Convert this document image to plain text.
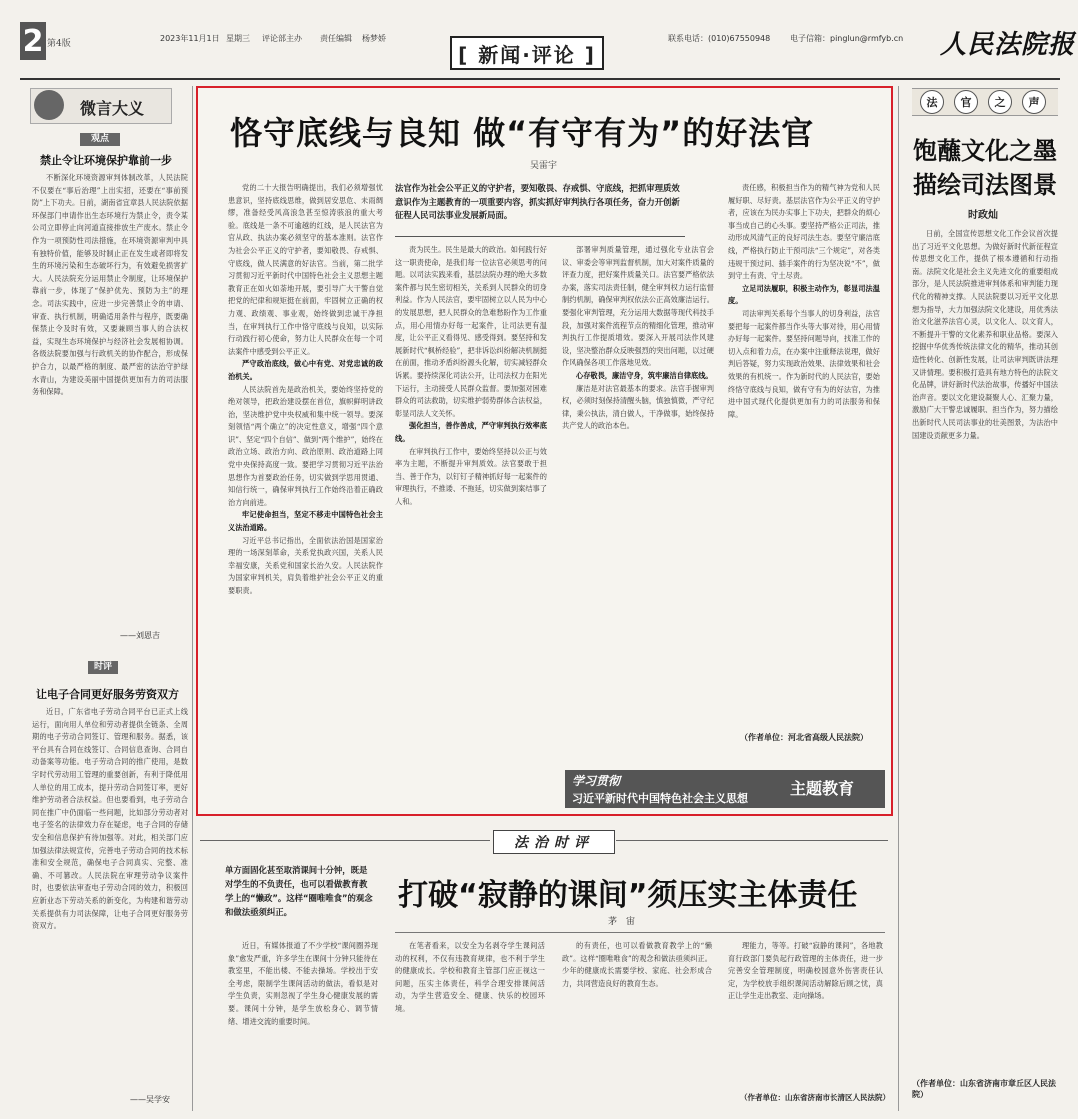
2 第4版
2023年11月1日 星期三 评论部主办 责任编辑 杨梦娇
[ 新闻·评论 ]
联系电话：(010)67550948 电子信箱：pinglun@rmfyb.cn 人民法院报
微言大义
观点
禁止令让环境保护靠前一步

不断深化环境资源审判体制改革，人民法院不仅要在“事后治理”上出实招，还要在“事前预防”上下功夫。日前，湖南省宜章县人民法院依据环保部门申请作出生态环境行为禁止令，责令某公司立即停止向河道直接排放生产废水。禁止令作为一项预防性司法措施，在环境资源审判中具有独特价值，能够及时制止正在发生或者即将发生的环境污染和生态破坏行为，有效避免损害扩大。人民法院充分运用禁止令制度，让环境保护靠前一步，体现了“保护优先、预防为主”的理念。司法实践中，应进一步完善禁止令的申请、审查、执行机制，明确适用条件与程序，既要确保禁止令及时有效，又要兼顾当事人的合法权益，实现生态环境保护与经济社会发展相协调。各级法院要加强与行政机关的协作配合，形成保护合力，以最严格的制度、最严密的法治守护绿水青山，为建设美丽中国提供更加有力的司法服务和保障。

——刘恩吉
时评
让电子合同更好服务劳资双方

近日，广东省电子劳动合同平台已正式上线运行，面向用人单位和劳动者提供全链条、全周期的电子劳动合同签订、管理和服务。据悉，该平台具有合同在线签订、合同信息查询、合同自动备案等功能。电子劳动合同的推广使用，是数字时代劳动用工管理的重要创新，有利于降低用人单位的用工成本，提升劳动合同签订率，更好维护劳动者合法权益。但也要看到，电子劳动合同在推广中仍面临一些问题，比如部分劳动者对电子签名的法律效力存在疑虑，电子合同的存储安全和信息保护有待加强等。对此，相关部门应加强法律法规宣传，完善电子劳动合同的技术标准和安全规范，确保电子合同真实、完整、准确、不可篡改。人民法院在审理劳动争议案件时，也要依法审查电子劳动合同的效力，积极回应新业态下劳动关系的新变化，为构建和谐劳动关系提供有力司法保障，让电子合同更好服务劳资双方。

——吴学安
恪守底线与良知 做“有守有为”的好法官
吴雷宇
法官作为社会公平正义的守护者，要知敬畏、存戒惧、守底线，把抓审理质效意识作为主题教育的一项重要内容，抓实抓好审判执行各项任务，奋力开创新征程人民司法事业发展新局面。

党的二十大报告明确提出，我们必须增强忧患意识，坚持底线思维，做到居安思危、未雨绸缪，准备经受风高浪急甚至惊涛骇浪的重大考验。底线是一条不可逾越的红线，是人民法官为官从政、执法办案必须坚守的基本准则。法官作为社会公平正义的守护者，要知敬畏、存戒惧、守底线，做人民满意的好法官。当前，第二批学习贯彻习近平新时代中国特色社会主义思想主题教育正在如火如荼地开展，要引导广大干警自觉把党的纪律和规矩挺在前面，牢固树立正确的权力观、政绩观、事业观，始终做到忠诚干净担当，在审判执行工作中恪守底线与良知，以实际行动践行初心使命，努力让人民群众在每一个司法案件中感受到公平正义。

严守政治底线，做心中有党、对党忠诚的政治机关。

人民法院首先是政治机关，要始终坚持党的绝对领导，把政治建设摆在首位，旗帜鲜明讲政治，坚决维护党中央权威和集中统一领导。要深刻领悟“两个确立”的决定性意义，增强“四个意识”、坚定“四个自信”、做到“两个维护”，始终在政治立场、政治方向、政治原则、政治道路上同党中央保持高度一致。要把学习贯彻习近平法治思想作为首要政治任务，切实做到学思用贯通、知信行统一，确保审判执行工作始终沿着正确政治方向前进。

牢记使命担当，坚定不移走中国特色社会主义法治道路。

习近平总书记指出，全面依法治国是国家治理的一场深刻革命，关系党执政兴国，关系人民幸福安康，关系党和国家长治久安。人民法院作为国家审判机关，肩负着维护社会公平正义的重要职责。

责为民生。民生是最大的政治。如何践行好这一职责使命，是我们每一位法官必须思考的问题。以司法实践来看，基层法院办理的绝大多数案件都与民生密切相关，关系到人民群众的切身利益。作为人民法官，要牢固树立以人民为中心的发展思想，把人民群众的急难愁盼作为工作重点，用心用情办好每一起案件，让司法更有温度，让公平正义看得见、感受得到。要坚持和发展新时代“枫桥经验”，把非诉讼纠纷解决机制挺在前面，推动矛盾纠纷源头化解，切实减轻群众诉累。要持续深化司法公开，让司法权力在阳光下运行，主动接受人民群众监督。要加强对困难群众的司法救助，切实维护弱势群体合法权益，彰显司法人文关怀。

强化担当，善作善成，严守审判执行效率底线。

在审判执行工作中，要始终坚持以公正与效率为主题，不断提升审判质效。法官要敢于担当、善于作为，以钉钉子精神抓好每一起案件的审理执行，不推诿、不拖延，切实做到案结事了人和。

部署审判质量管理，通过强化专业法官会议、审委会等审判监督机制，加大对案件质量的评查力度，把好案件质量关口。法官要严格依法办案，落实司法责任制，健全审判权力运行监督制约机制，确保审判权依法公正高效廉洁运行。要强化审判管理，充分运用大数据等现代科技手段，加强对案件流程节点的精细化管理，推动审判执行工作提质增效。要深入开展司法作风建设，坚决整治群众反映强烈的突出问题，以过硬作风确保各项工作落地见效。

心存敬畏，廉洁守身，筑牢廉洁自律底线。

廉洁是对法官最基本的要求。法官手握审判权，必须时刻保持清醒头脑，慎独慎微，严守纪律，秉公执法，清白做人，干净做事，始终保持共产党人的政治本色。

责任感，积极担当作为的精气神为党和人民履好职、尽好责。基层法官作为公平正义的守护者，应该在为民办实事上下功夫，把群众的烦心事当成自己的心头事。要坚持严格公正司法，推动形成风清气正的良好司法生态。要坚守廉洁底线，严格执行防止干预司法“三个规定”，对各类违规干预过问、插手案件的行为坚决说“不”，做到守土有责、守土尽责。

立足司法履职，积极主动作为，彰显司法温度。

司法审判关系每个当事人的切身利益，法官要把每一起案件都当作头等大事对待，用心用情办好每一起案件。要坚持问题导向，找准工作的切入点和着力点，在办案中注重释法说理，做好判后答疑，努力实现政治效果、法律效果和社会效果的有机统一。作为新时代的人民法官，要始终恪守底线与良知，做有守有为的好法官，为推进中国式现代化提供更加有力的司法服务和保障。

（作者单位：河北省高级人民法院）
学习贯彻
习近平新时代中国特色社会主义思想
主题教育
法	官	之	声
饱蘸文化之墨
描绘司法图景
时政灿

日前，全国宣传思想文化工作会议首次提出了习近平文化思想。为做好新时代新征程宣传思想文化工作，提供了根本遵循和行动指南。法院文化是社会主义先进文化的重要组成部分，是人民法院推进审判体系和审判能力现代化的精神支撑。人民法院要以习近平文化思想为指导，大力加强法院文化建设，用优秀法治文化滋养法官心灵，以文化人、以文育人，不断提升干警的文化素养和职业品格。要深入挖掘中华优秀传统法律文化的精华，推动其创造性转化、创新性发展，让司法审判既讲法理又讲情理。要积极打造具有地方特色的法院文化品牌，讲好新时代法治故事，传播好中国法治声音。要以文化建设凝聚人心、汇聚力量，激励广大干警忠诚履职、担当作为，努力描绘出新时代人民司法事业的壮美图景，为法治中国建设贡献更多力量。

（作者单位：山东省济南市章丘区人民法院）
法治时评
单方面固化甚至取消课间十分钟，既是对学生的不负责任，也可以看做教育教学上的“懒政”。这样“圈唯唯食”的观念和做法亟须纠正。	打破“寂静的课间”须压实主体责任
茅　宙

近日，有媒体报道了不少学校“课间圈养现象”愈发严重，许多学生在课间十分钟只能待在教室里，不能出楼、不能去操场。学校出于安全考虑，限制学生课间活动的做法，看似是对学生负责，实则忽视了学生身心健康发展的需要。课间十分钟，是学生放松身心、调节情绪、增进交流的重要时间。

在笔者看来，以安全为名剥夺学生课间活动的权利，不仅有违教育规律，也不利于学生的健康成长。学校和教育主管部门应正视这一问题，压实主体责任，科学合理安排课间活动，为学生营造安全、健康、快乐的校园环境。

的有责任，也可以看做教育教学上的“懒政”。这样“圈唯唯食”的观念和做法亟须纠正。少年的健康成长需要学校、家庭、社会形成合力，共同营造良好的教育生态。

理能力，等等。打破“寂静的课间”，各地教育行政部门要负起行政管理的主体责任，进一步完善安全管理制度，明确校园意外伤害责任认定，为学校放手组织课间活动解除后顾之忧，真正让学生走出教室、走向操场。

（作者单位：山东省济南市长清区人民法院）
